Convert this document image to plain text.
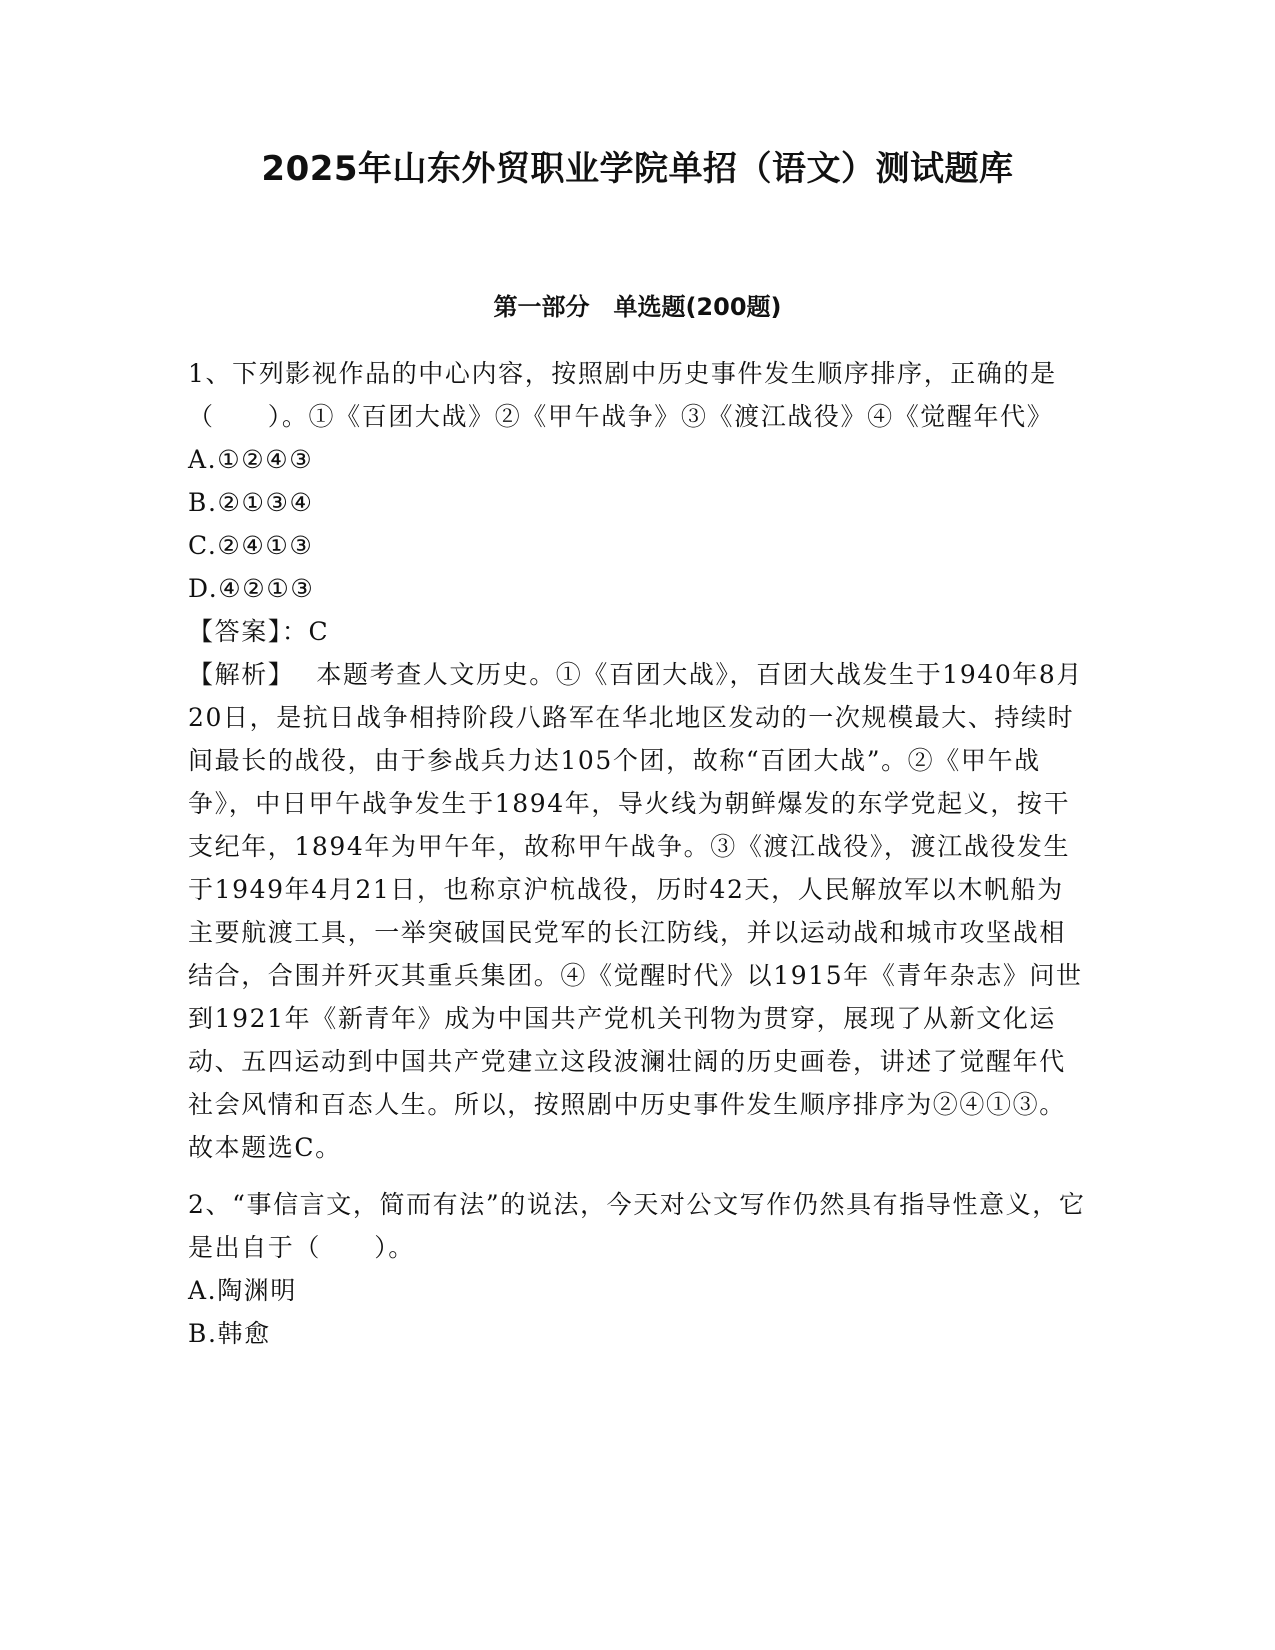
2025年山东外贸职业学院单招（语文）测试题库
第一部分　单选题(200题)

1、下列影视作品的中心内容，按照剧中历史事件发生顺序排序，正确的是（　　）。①《百团大战》②《甲午战争》③《渡江战役》④《觉醒年代》

A.①②④③

B.②①③④

C.②④①③

D.④②①③

【答案】：C

【解析】 本题考查人文历史。①《百团大战》，百团大战发生于1940年8月20日，是抗日战争相持阶段八路军在华北地区发动的一次规模最大、持续时间最长的战役，由于参战兵力达105个团，故称“百团大战”。②《甲午战争》，中日甲午战争发生于1894年，导火线为朝鲜爆发的东学党起义，按干支纪年，1894年为甲午年，故称甲午战争。③《渡江战役》，渡江战役发生于1949年4月21日，也称京沪杭战役，历时42天，人民解放军以木帆船为主要航渡工具，一举突破国民党军的长江防线，并以运动战和城市攻坚战相结合，合围并歼灭其重兵集团。④《觉醒时代》以1915年《青年杂志》问世到1921年《新青年》成为中国共产党机关刊物为贯穿，展现了从新文化运动、五四运动到中国共产党建立这段波澜壮阔的历史画卷，讲述了觉醒年代社会风情和百态人生。所以，按照剧中历史事件发生顺序排序为②④①③。故本题选C。

2、“事信言文，简而有法”的说法，今天对公文写作仍然具有指导性意义，它是出自于（　　）。

A.陶渊明

B.韩愈
